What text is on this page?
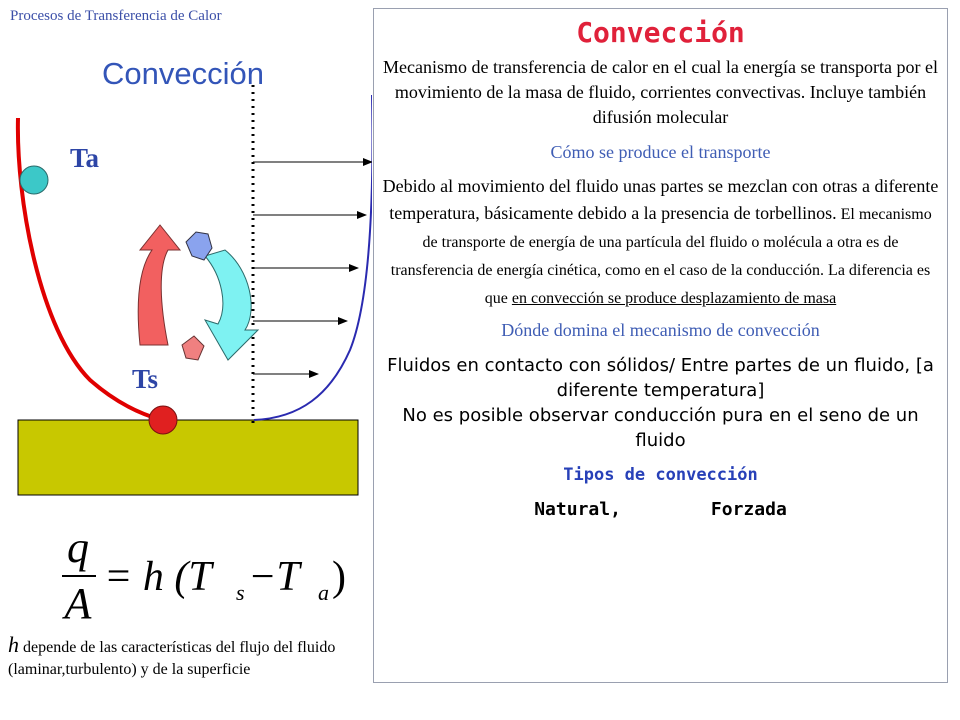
Procesos de Transferencia de Calor
Convección
Ta
Ts
q
A
= h (T s −T a )
h depende de las características del flujo del fluido (laminar,turbulento) y de la superficie
Convección
Mecanismo de transferencia de calor en el cual la energía se transporta por el movimiento de la masa de fluido, corrientes convectivas. Incluye también difusión molecular
Cómo se produce el transporte
Debido al movimiento del fluido unas partes se mezclan con otras a diferente temperatura, básicamente debido a la presencia de torbellinos. El mecanismo de transporte de energía de una partícula del fluido o molécula a otra es de transferencia de energía cinética, como en el caso de la conducción. La diferencia es que en convección se produce desplazamiento de masa
Dónde domina el mecanismo de convección
Fluidos en contacto con sólidos/ Entre partes de un fluido, [a diferente temperatura]
No es posible observar conducción pura en el seno de un fluido
Tipos de convección
Natural,	Forzada
